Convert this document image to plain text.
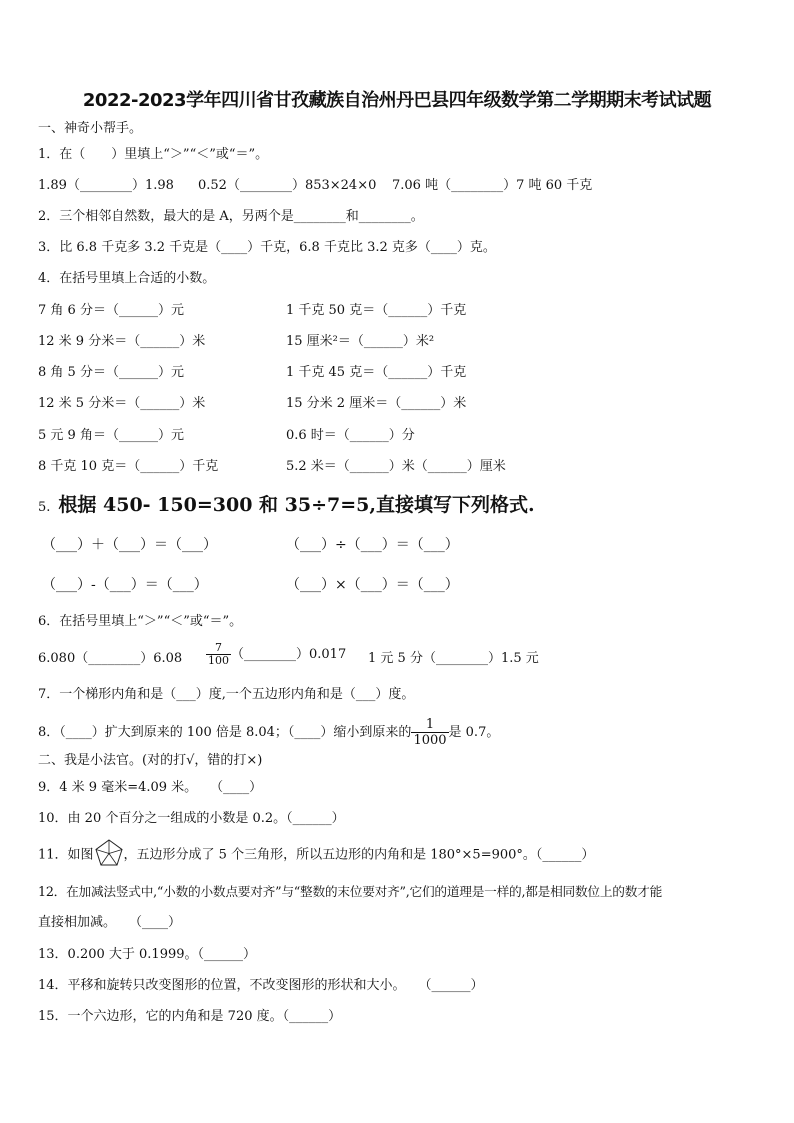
2022-2023学年四川省甘孜藏族自治州丹巴县四年级数学第二学期期末考试试题
一、神奇小帮手。
1．在（　　）里填上“＞”“＜”或“＝”。
1.89（________）1.98 0.52（________）853×24×0 7.06 吨（________）7 吨 60 千克
2．三个相邻自然数，最大的是 A，另两个是________和________。
3．比 6.8 千克多 3.2 千克是（____）千克，6.8 千克比 3.2 克多（____）克。
4．在括号里填上合适的小数。
7 角 6 分＝（______）元
12 米 9 分米＝（______）米
8 角 5 分＝（______）元
12 米 5 分米＝（______）米
5 元 9 角＝（______）元
8 千克 10 克＝（______）千克
1 千克 50 克＝（______）千克
15 厘米²＝（______）米²
1 千克 45 克＝（______）千克
15 分米 2 厘米＝（______）米
0.6 时＝（______）分
5.2 米＝（______）米（______）厘米
5. 根据 450- 150=300 和 35÷7=5,直接填写下列格式.
（___）＋（___）＝（___）	（___）÷（___）＝（___）
（___）-（___）＝（___）	（___）×（___）＝（___）
6．在括号里填上“＞”“＜”或“＝”。
6.080（________）6.08 $\frac{7}{100}$ （________）0.017 1 元 5 分（________）1.5 元
7．一个梯形内角和是（___）度,一个五边形内角和是（___）度。
8．（____）扩大到原来的 100 倍是 8.04；（____）缩小到原来的 $\frac{1}{1000}$ 是 0.7。
二、我是小法官。(对的打√，错的打×)
9．4 米 9 毫米=4.09 米。　　（____）
10．由 20 个百分之一组成的小数是 0.2。（______）
11．如图 ，五边形分成了 5 个三角形，所以五边形的内角和是 180°×5=900°。（______）
12．在加减法竖式中,“小数的小数点要对齐”与“整数的末位要对齐”,它们的道理是一样的,都是相同数位上的数才能
直接相加减。　　（____）
13．0.200 大于 0.1999。（______）
14．平移和旋转只改变图形的位置，不改变图形的形状和大小。　　（______）
15．一个六边形，它的内角和是 720 度。（______）
